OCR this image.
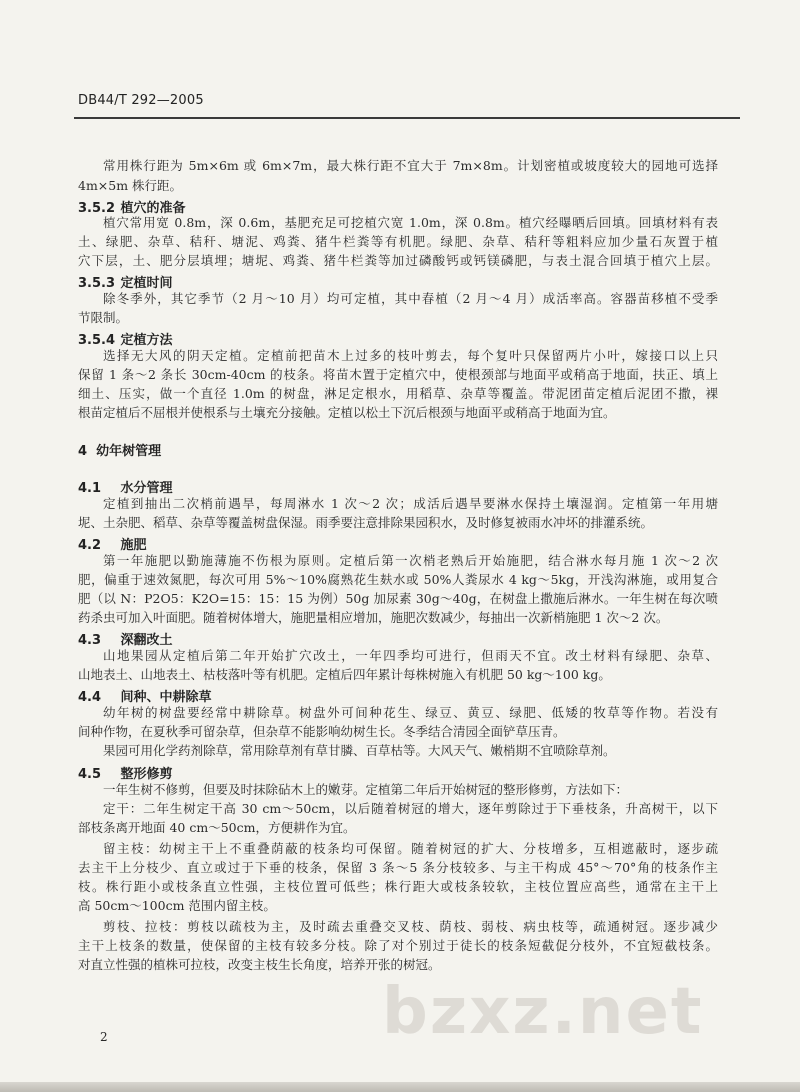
DB44/T 292—2005
常用株行距为 5m×6m 或 6m×7m，最大株行距不宜大于 7m×8m。计划密植或坡度较大的园地可选择
4m×5m 株行距。
3.5.2 植穴的准备
植穴常用宽 0.8m，深 0.6m，基肥充足可挖植穴宽 1.0m，深 0.8m。植穴经曝晒后回填。回填材料有表
土、绿肥、杂草、秸秆、塘泥、鸡粪、猪牛栏粪等有机肥。绿肥、杂草、秸秆等粗料应加少量石灰置于植
穴下层，土、肥分层填埋；塘坭、鸡粪、猪牛栏粪等加过磷酸钙或钙镁磷肥，与表土混合回填于植穴上层。
3.5.3 定植时间
除冬季外，其它季节（2 月～10 月）均可定植，其中春植（2 月～4 月）成活率高。容器苗移植不受季
节限制。
3.5.4 定植方法
选择无大风的阴天定植。定植前把苗木上过多的枝叶剪去，每个复叶只保留两片小叶，嫁接口以上只
保留 1 条～2 条长 30cm-40cm 的枝条。将苗木置于定植穴中，使根颈部与地面平或稍高于地面，扶正、填上
细土、压实，做一个直径 1.0m 的树盘，淋足定根水，用稻草、杂草等覆盖。带泥团苗定植后泥团不撒，裸
根苗定植后不屈根并使根系与土壤充分接触。定植以松土下沉后根颈与地面平或稍高于地面为宜。
4 幼年树管理
4.1 水分管理
定植到抽出二次梢前遇旱，每周淋水 1 次～2 次；成活后遇旱要淋水保持土壤湿润。定植第一年用塘
坭、土杂肥、稻草、杂草等覆盖树盘保湿。雨季要注意排除果园积水，及时修复被雨水冲坏的排灌系统。
4.2 施肥
第一年施肥以勤施薄施不伤根为原则。定植后第一次梢老熟后开始施肥，结合淋水每月施 1 次～2 次
肥，偏重于速效氮肥，每次可用 5%～10%腐熟花生麸水或 50%人粪尿水 4 kg～5kg，开浅沟淋施，或用复合
肥（以 N：P2O5：K2O=15：15：15 为例）50g 加尿素 30g～40g，在树盘上撒施后淋水。一年生树在每次喷
药杀虫可加入叶面肥。随着树体增大，施肥量相应增加，施肥次数减少，每抽出一次新梢施肥 1 次～2 次。
4.3 深翻改土
山地果园从定植后第二年开始扩穴改土，一年四季均可进行，但雨天不宜。改土材料有绿肥、杂草、
山地表土、山地表土、枯枝落叶等有机肥。定植后四年累计每株树施入有机肥 50 kg～100 kg。
4.4 间种、中耕除草
幼年树的树盘要经常中耕除草。树盘外可间种花生、绿豆、黄豆、绿肥、低矮的牧草等作物。若没有
间种作物，在夏秋季可留杂草，但杂草不能影响幼树生长。冬季结合清园全面铲草压青。
果园可用化学药剂除草，常用除草剂有草甘膦、百草枯等。大风天气、嫩梢期不宜喷除草剂。
4.5 整形修剪
一年生树不修剪，但要及时抹除砧木上的嫩芽。定植第二年后开始树冠的整形修剪，方法如下：
定干：二年生树定干高 30 cm～50cm，以后随着树冠的增大，逐年剪除过于下垂枝条，升高树干，以下
部枝条离开地面 40 cm～50cm，方便耕作为宜。
留主枝：幼树主干上不重叠荫蔽的枝条均可保留。随着树冠的扩大、分枝增多，互相遮蔽时，逐步疏
去主干上分枝少、直立或过于下垂的枝条，保留 3 条～5 条分枝较多、与主干构成 45°～70°角的枝条作主
枝。株行距小或枝条直立性强，主枝位置可低些；株行距大或枝条较软，主枝位置应高些，通常在主干上
高 50cm～100cm 范围内留主枝。
剪枝、拉枝：剪枝以疏枝为主，及时疏去重叠交叉枝、荫枝、弱枝、病虫枝等，疏通树冠。逐步减少
主干上枝条的数量，使保留的主枝有较多分枝。除了对个别过于徒长的枝条短截促分枝外，不宜短截枝条。
对直立性强的植株可拉枝，改变主枝生长角度，培养开张的树冠。
bzxz.net
2
